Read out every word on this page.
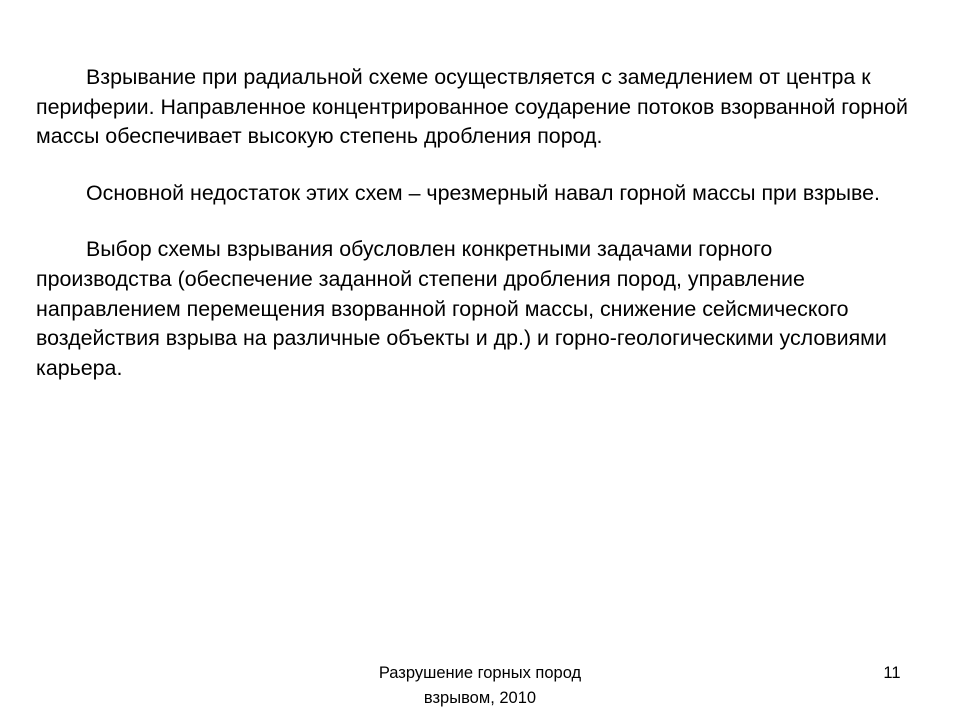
Взрывание при радиальной схеме осуществляется с замедлением от центра к периферии. Направленное концентрированное соударение потоков взорванной горной массы обеспечивает высокую степень дробления пород.

Основной недостаток этих схем – чрезмерный навал горной массы при взрыве.

Выбор схемы взрывания обусловлен конкретными задачами горного производства (обеспечение заданной степени дробления пород, управление направлением перемещения взорванной горной массы, снижение сейсмического воздействия взрыва на различные объекты и др.) и горно-геологическими условиями карьера.

Разрушение горных пород
взрывом, 2010
11
